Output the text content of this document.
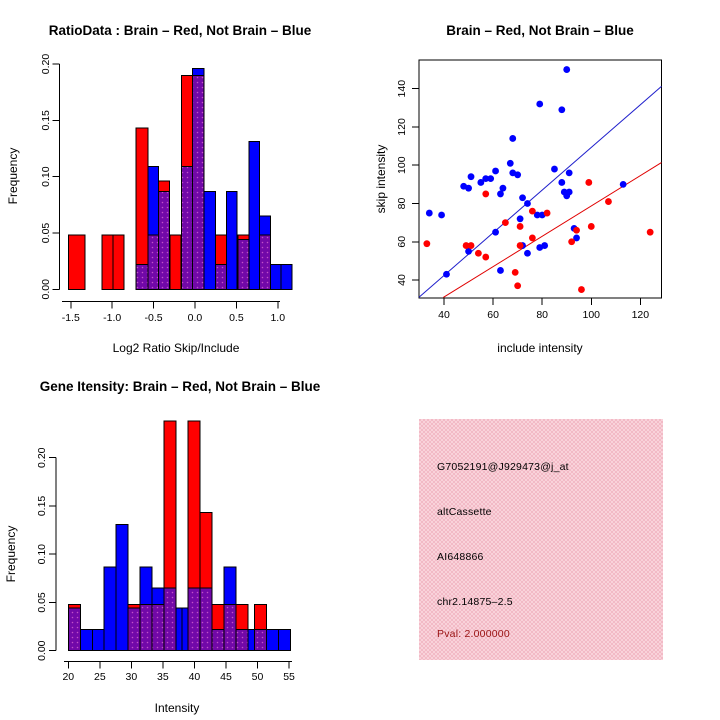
RatioData : Brain – Red, Not Brain – Blue
Log2 Ratio Skip/Include
Frequency
-1.5 -1.0 -0.5 0.0	0.5	1.0
0.00
0.05
0.10
0.15
0.20
Brain – Red, Not Brain – Blue
include intensity
skip intensity
40	60	80	100	120
40
60
80
100
120
140
Gene Itensity: Brain – Red, Not Brain – Blue
Intensity
Frequency
20 25 30 35 40 45 50 55
0.00
0.05
0.10
0.15
0.20	G7052191@J929473@j_at
altCassette
AI648866
chr2.14875–2.5
Pval: 2.000000
